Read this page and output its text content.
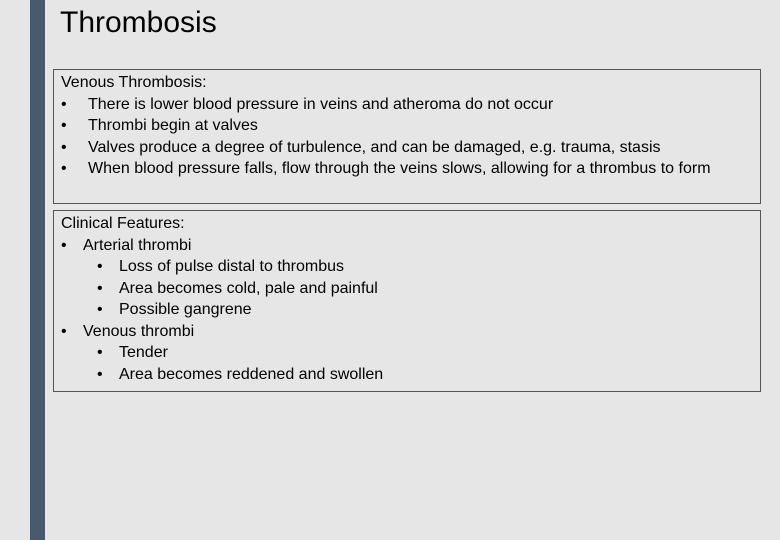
Thrombosis

Venous Thrombosis:

• There is lower blood pressure in veins and atheroma do not occur
• Thrombi begin at valves
• Valves produce a degree of turbulence, and can be damaged, e.g. trauma, stasis
• When blood pressure falls, flow through the veins slows, allowing for a thrombus to form

Clinical Features:

• Arterial thrombi
• Loss of pulse distal to thrombus
• Area becomes cold, pale and painful
• Possible gangrene
• Venous thrombi
• Tender
• Area becomes reddened and swollen
